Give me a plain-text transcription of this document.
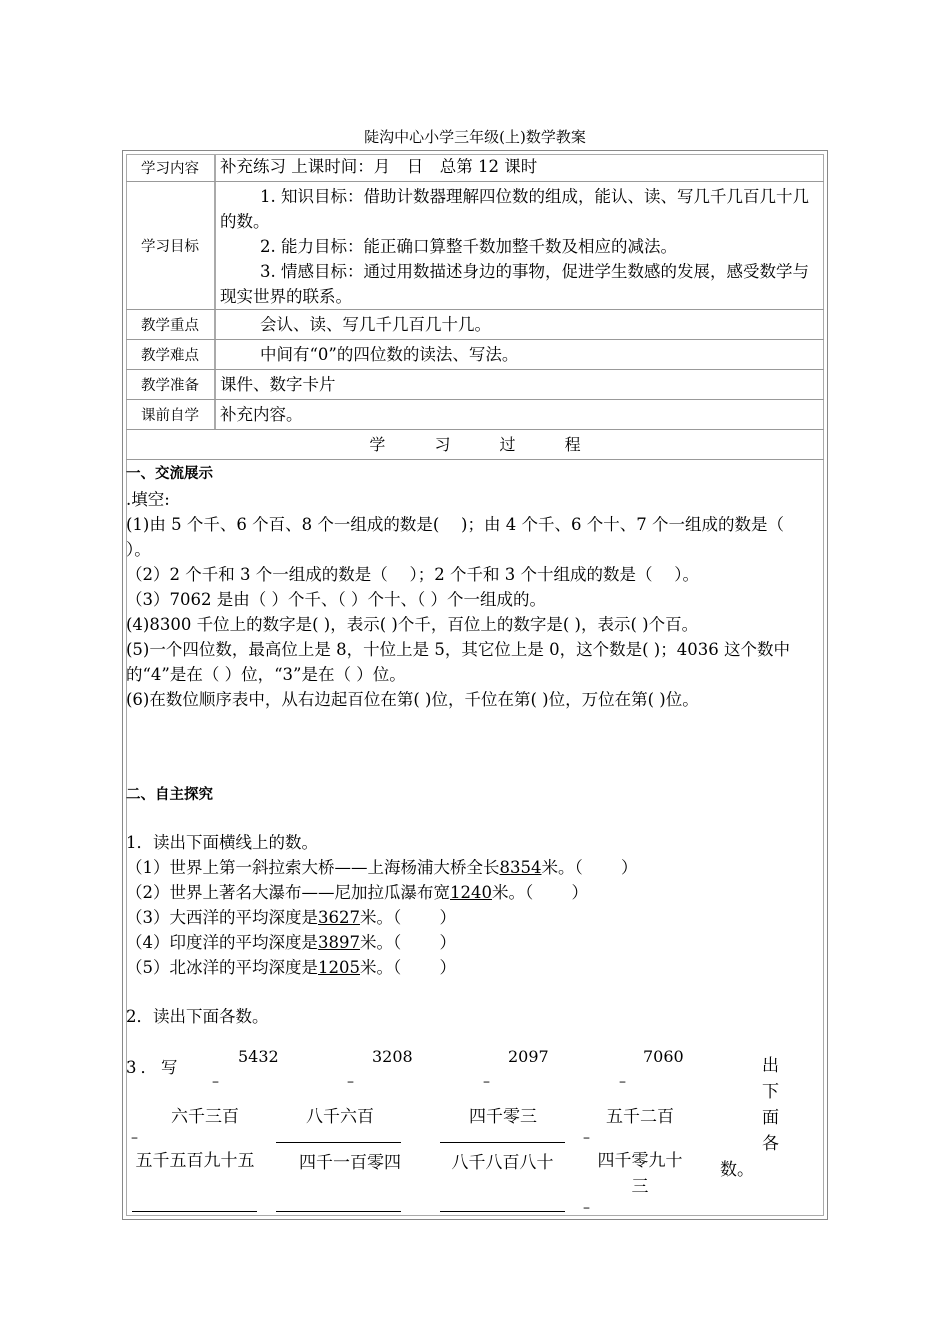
陡沟中心小学三年级(上)数学教案
学习内容	补充练习 上课时间：月　日　总第 12 课时
学习目标
1. 知识目标：借助计数器理解四位数的组成，能认、读、写几千几百几十几的数。
2. 能力目标：能正确口算整千数加整千数及相应的减法。
3. 情感目标：通过用数描述身边的事物，促进学生数感的发展，感受数学与现实世界的联系。
教学重点	会认、读、写几千几百几十几。
教学难点	中间有“0”的四位数的读法、写法。
教学准备	课件、数字卡片
课前自学	补充内容。
学	习	过	程
一、交流展示
.填空:
(1)由 5 个千、6 个百、8 个一组成的数是(　 )；由 4 个千、6 个十、7 个一组成的数是（　 ）。
（2）2 个千和 3 个一组成的数是（　 ）；2 个千和 3 个十组成的数是（　 ）。
（3）7062 是由（ ）个千、（ ）个十、（ ）个一组成的。
(4)8300 千位上的数字是( )，表示( )个千，百位上的数字是( )，表示( )个百。
(5)一个四位数，最高位上是 8，十位上是 5，其它位上是 0，这个数是( )；4036 这个数中的“4”是在（ ）位，“3”是在（ ）位。
(6)在数位顺序表中，从右边起百位在第( )位，千位在第( )位，万位在第( )位。
二、自主探究
1．读出下面横线上的数。
（1）世界上第一斜拉索大桥——上海杨浦大桥全长8354米。（　　 ）
（2）世界上著名大瀑布——尼加拉瓜瀑布宽1240米。（　　 ）
（3）大西洋的平均深度是3627米。（　　 ）
（4）印度洋的平均深度是3897米。（　　 ）
（5）北冰洋的平均深度是1205米。（　　 ）
2．读出下面各数。
3．写
5432	3208	2097	7060
–	–	–	–
六千三百	八千六百	四千零三	五千二百
–	–
五千五百九十五	四千一百零四	八千八百八十	四千零九十三
–
出
下
面
各
数。
